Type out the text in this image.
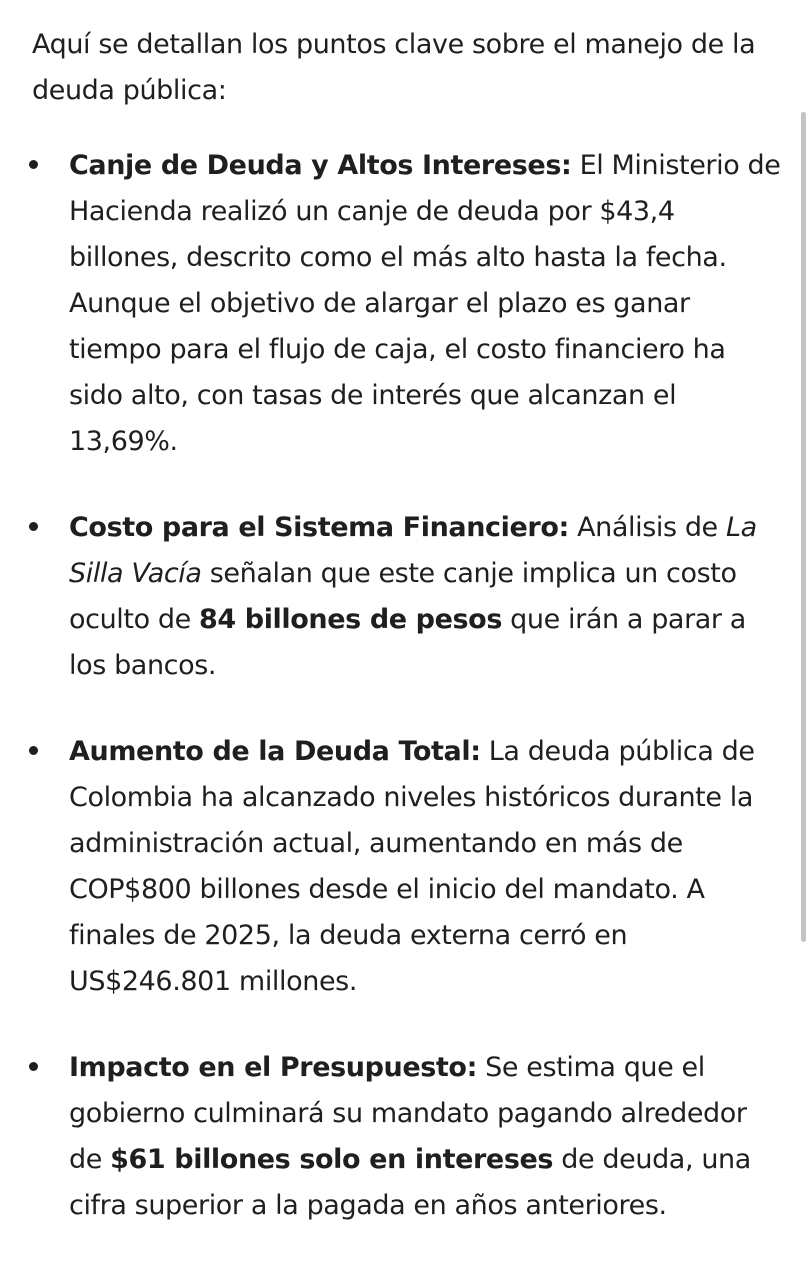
Aquí se detallan los puntos clave sobre el manejo de la deuda pública:

Canje de Deuda y Altos Intereses: El Ministerio de Hacienda realizó un canje de deuda por $43,4 billones, descrito como el más alto hasta la fecha. Aunque el objetivo de alargar el plazo es ganar tiempo para el flujo de caja, el costo financiero ha sido alto, con tasas de interés que alcanzan el 13,69%.

Costo para el Sistema Financiero: Análisis de La Silla Vacía señalan que este canje implica un costo oculto de 84 billones de pesos que irán a parar a los bancos.

Aumento de la Deuda Total: La deuda pública de Colombia ha alcanzado niveles históricos durante la administración actual, aumentando en más de COP$800 billones desde el inicio del mandato. A finales de 2025, la deuda externa cerró en US$246.801 millones.

Impacto en el Presupuesto: Se estima que el gobierno culminará su mandato pagando alrededor de $61 billones solo en intereses de deuda, una cifra superior a la pagada en años anteriores.
